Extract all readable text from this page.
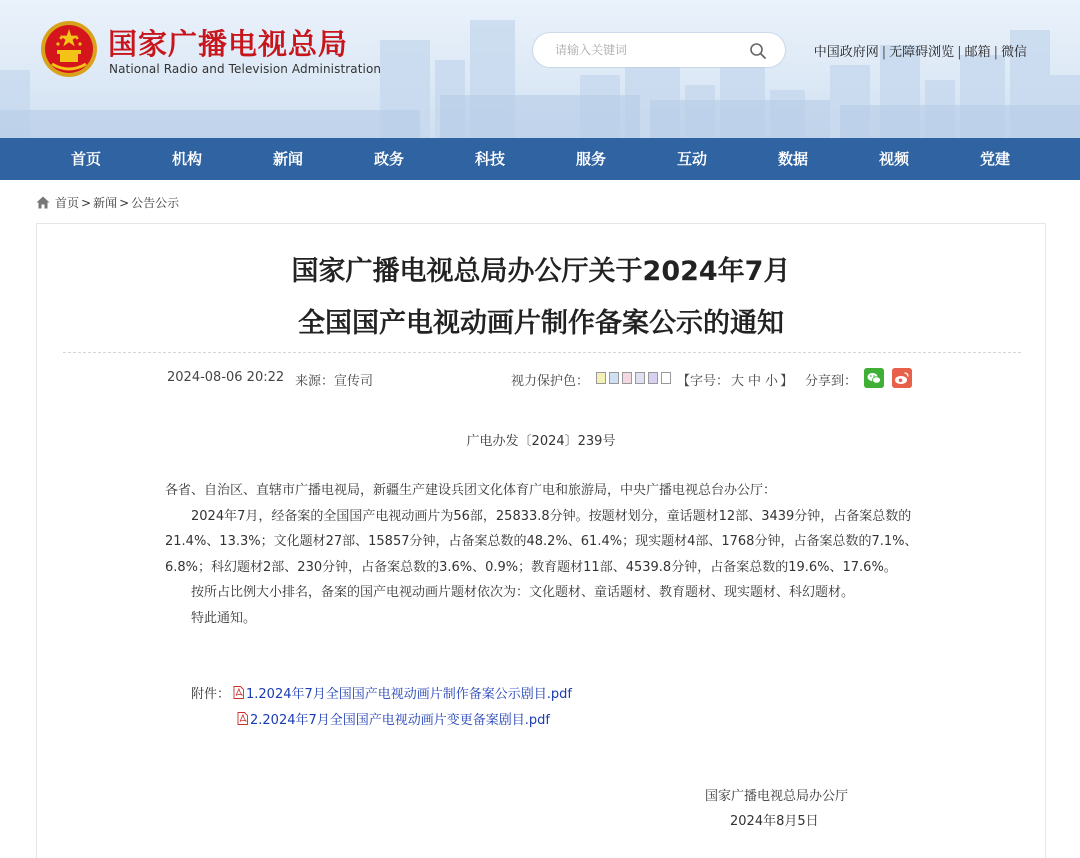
国家广播电视总局
National Radio and Television Administration
请输入关键词
中国政府网 | 无障碍浏览 | 邮箱 | 微信
首页	机构	新闻	政务	科技	服务	互动	数据	视频	党建
首页 > 新闻 > 公告公示
国家广播电视总局办公厅关于2024年7月
全国国产电视动画片制作备案公示的通知
2024-08-06 20:22 来源：宣传司	视力保护色：	【字号： 大 中 小 】 分享到：
广电办发〔2024〕239号

各省、自治区、直辖市广播电视局，新疆生产建设兵团文化体育广电和旅游局，中央广播电视总台办公厅：

2024年7月，经备案的全国国产电视动画片为56部，25833.8分钟。按题材划分，童话题材12部、3439分钟，占备案总数的21.4%、13.3%；文化题材27部、15857分钟，占备案总数的48.2%、61.4%；现实题材4部、1768分钟，占备案总数的7.1%、6.8%；科幻题材2部、230分钟，占备案总数的3.6%、0.9%；教育题材11部、4539.8分钟，占备案总数的19.6%、17.6%。

按所占比例大小排名，备案的国产电视动画片题材依次为：文化题材、童话题材、教育题材、现实题材、科幻题材。

特此通知。

附件： 1.2024年7月全国国产电视动画片制作备案公示剧目.pdf
2.2024年7月全国国产电视动画片变更备案剧目.pdf
国家广播电视总局办公厅
2024年8月5日
